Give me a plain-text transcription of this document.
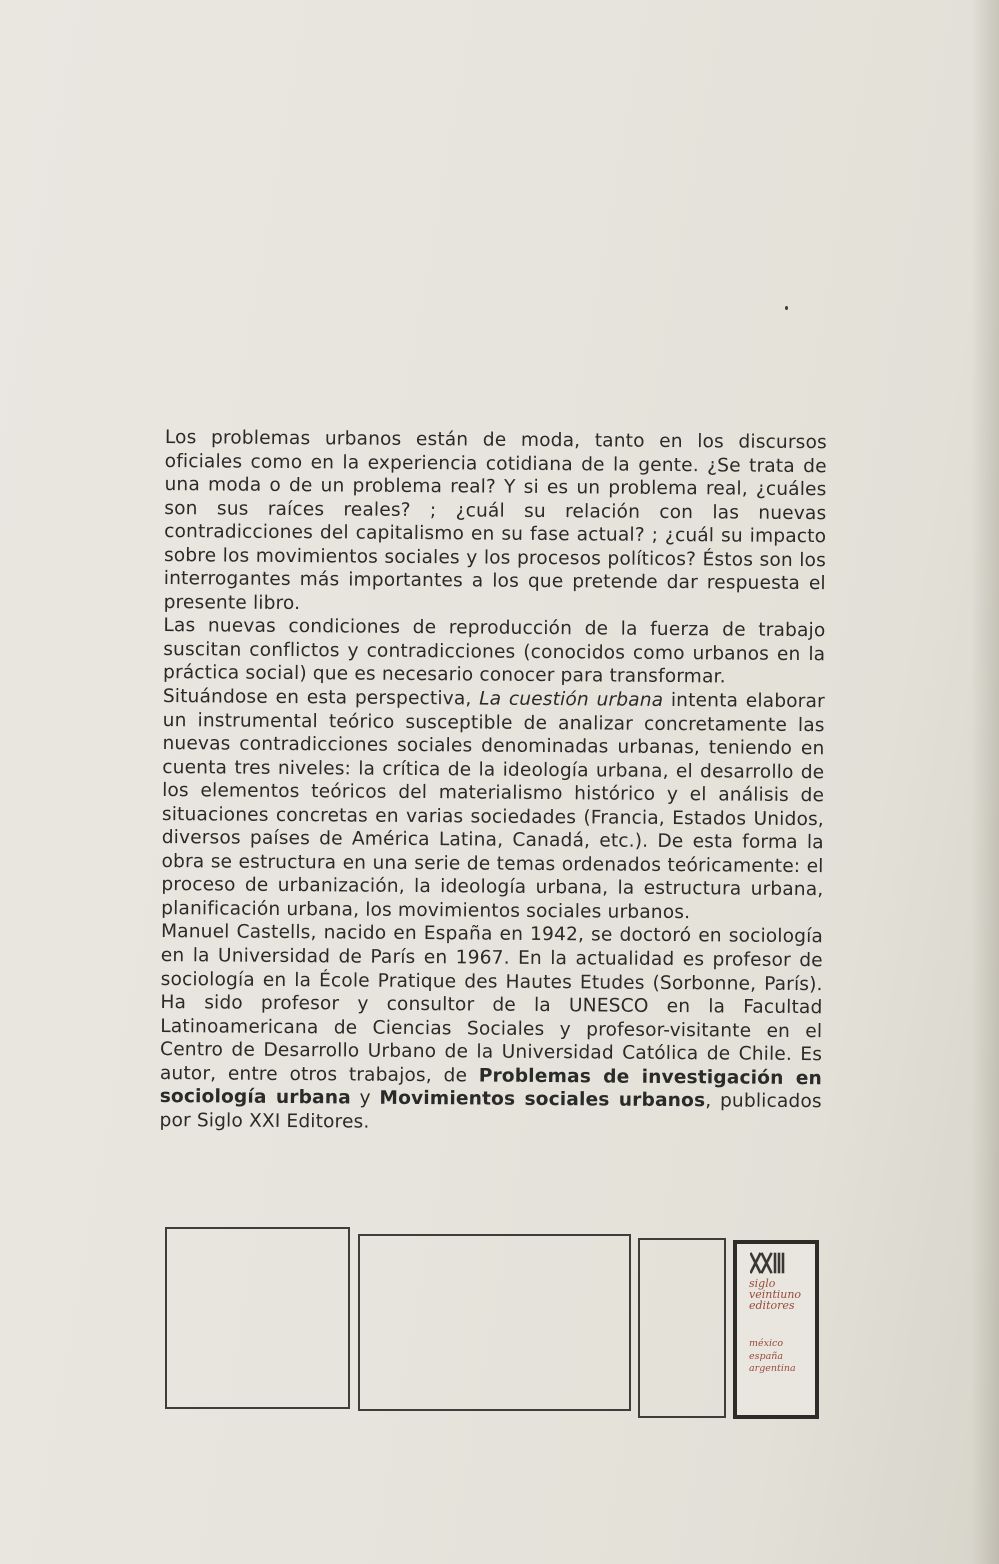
Los problemas urbanos están de moda, tanto en los discursos oficiales como en la experiencia cotidiana de la gente. ¿Se trata de una moda o de un problema real? Y si es un problema real, ¿cuáles son sus raíces reales? ; ¿cuál su relación con las nuevas contradicciones del capitalismo en su fase actual? ; ¿cuál su impacto sobre los movimientos sociales y los procesos políticos? Éstos son los interrogantes más importantes a los que pretende dar respuesta el presente libro.

Las nuevas condiciones de reproducción de la fuerza de trabajo suscitan conflictos y contradicciones (conocidos como urbanos en la práctica social) que es necesario conocer para transformar.

Situándose en esta perspectiva, La cuestión urbana intenta elaborar un instrumental teórico susceptible de analizar concretamente las nuevas contradicciones sociales denominadas urbanas, teniendo en cuenta tres niveles: la crítica de la ideología urbana, el desarrollo de los elementos teóricos del materialismo histórico y el análisis de situaciones concretas en varias sociedades (Francia, Estados Unidos, diversos países de América Latina, Canadá, etc.). De esta forma la obra se estructura en una serie de temas ordenados teóricamente: el proceso de urbanización, la ideología urbana, la estructura urbana, planificación urbana, los movimientos sociales urbanos.

Manuel Castells, nacido en España en 1942, se doctoró en sociología en la Universidad de París en 1967. En la actualidad es profesor de sociología en la École Pratique des Hautes Etudes (Sorbonne, París). Ha sido profesor y consultor de la UNESCO en la Facultad Latinoamericana de Ciencias Sociales y profesor-visitante en el Centro de Desarrollo Urbano de la Universidad Católica de Chile. Es autor, entre otros trabajos, de Problemas de investigación en sociología urbana y Movimientos sociales urbanos, publicados por Siglo XXI Editores.

siglo
veintiuno
editores
méxico
españa
argentina
